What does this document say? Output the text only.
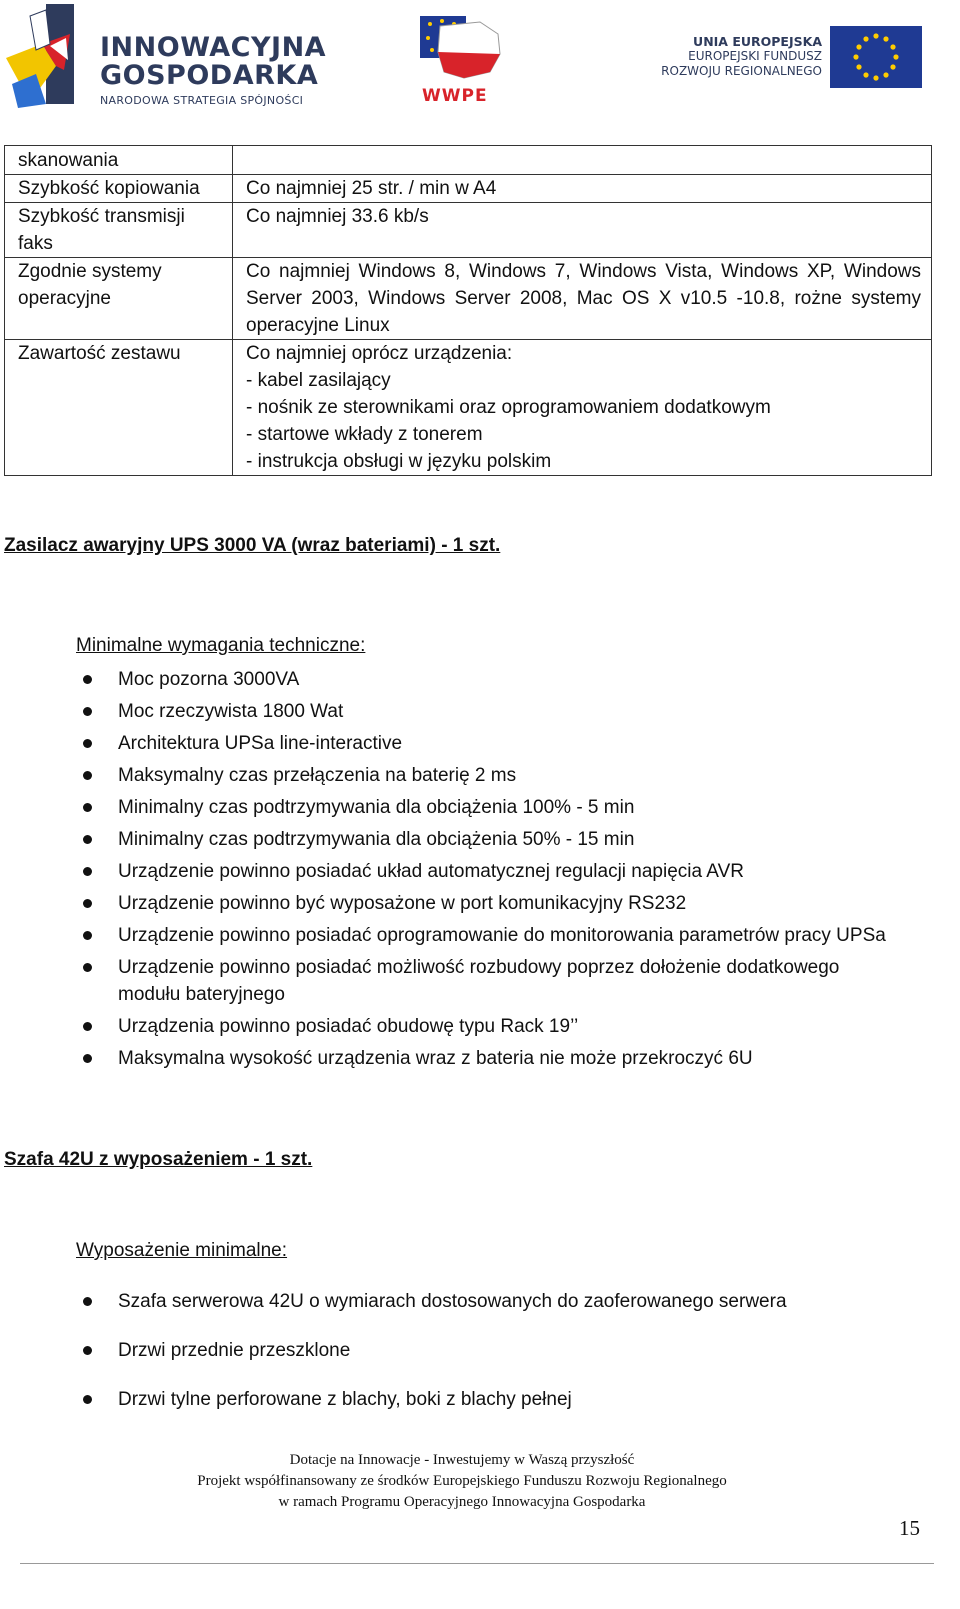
INNOWACYJNA
GOSPODARKA
NARODOWA STRATEGIA SPÓJNOŚCI	WWPE
UNIA EUROPEJSKA
EUROPEJSKI FUNDUSZ
ROZWOJU REGIONALNEGO
skanowania	

Szybkość kopiowania	Co najmniej 25 str. / min w A4

Szybkość transmisji
faks	Co najmniej 33.6 kb/s

Zgodnie systemy
operacyjne	Co najmniej Windows 8, Windows 7, Windows Vista, Windows XP, Windows Server 2003, Windows Server 2008, Mac OS X v10.5 -10.8, rożne systemy operacyjne Linux

Zawartość zestawu	Co najmniej oprócz urządzenia:
- kabel zasilający
- nośnik ze sterownikami oraz oprogramowaniem dodatkowym
- startowe wkłady z tonerem
- instrukcja obsługi w języku polskim
Zasilacz awaryjny UPS 3000 VA (wraz bateriami) - 1 szt.
Minimalne wymagania techniczne:
Moc pozorna 3000VA
Moc rzeczywista 1800 Wat
Architektura UPSa line-interactive
Maksymalny czas przełączenia na baterię 2 ms
Minimalny czas podtrzymywania dla obciążenia 100% - 5 min
Minimalny czas podtrzymywania dla obciążenia 50% - 15 min
Urządzenie powinno posiadać układ automatycznej regulacji napięcia AVR
Urządzenie powinno być wyposażone w port komunikacyjny RS232
Urządzenie powinno posiadać oprogramowanie do monitorowania parametrów pracy UPSa
Urządzenie powinno posiadać możliwość rozbudowy poprzez dołożenie dodatkowego modułu bateryjnego
Urządzenia powinno posiadać obudowę typu Rack 19’’
Maksymalna wysokość urządzenia wraz z bateria nie może przekroczyć 6U
Szafa 42U z wyposażeniem - 1 szt.
Wyposażenie minimalne:
Szafa serwerowa 42U o wymiarach dostosowanych do zaoferowanego serwera
Drzwi przednie przeszklone
Drzwi tylne perforowane z blachy, boki z blachy pełnej
Dotacje na Innowacje - Inwestujemy w Waszą przyszłość
Projekt współfinansowany ze środków Europejskiego Funduszu Rozwoju Regionalnego
w ramach Programu Operacyjnego Innowacyjna Gospodarka
15
